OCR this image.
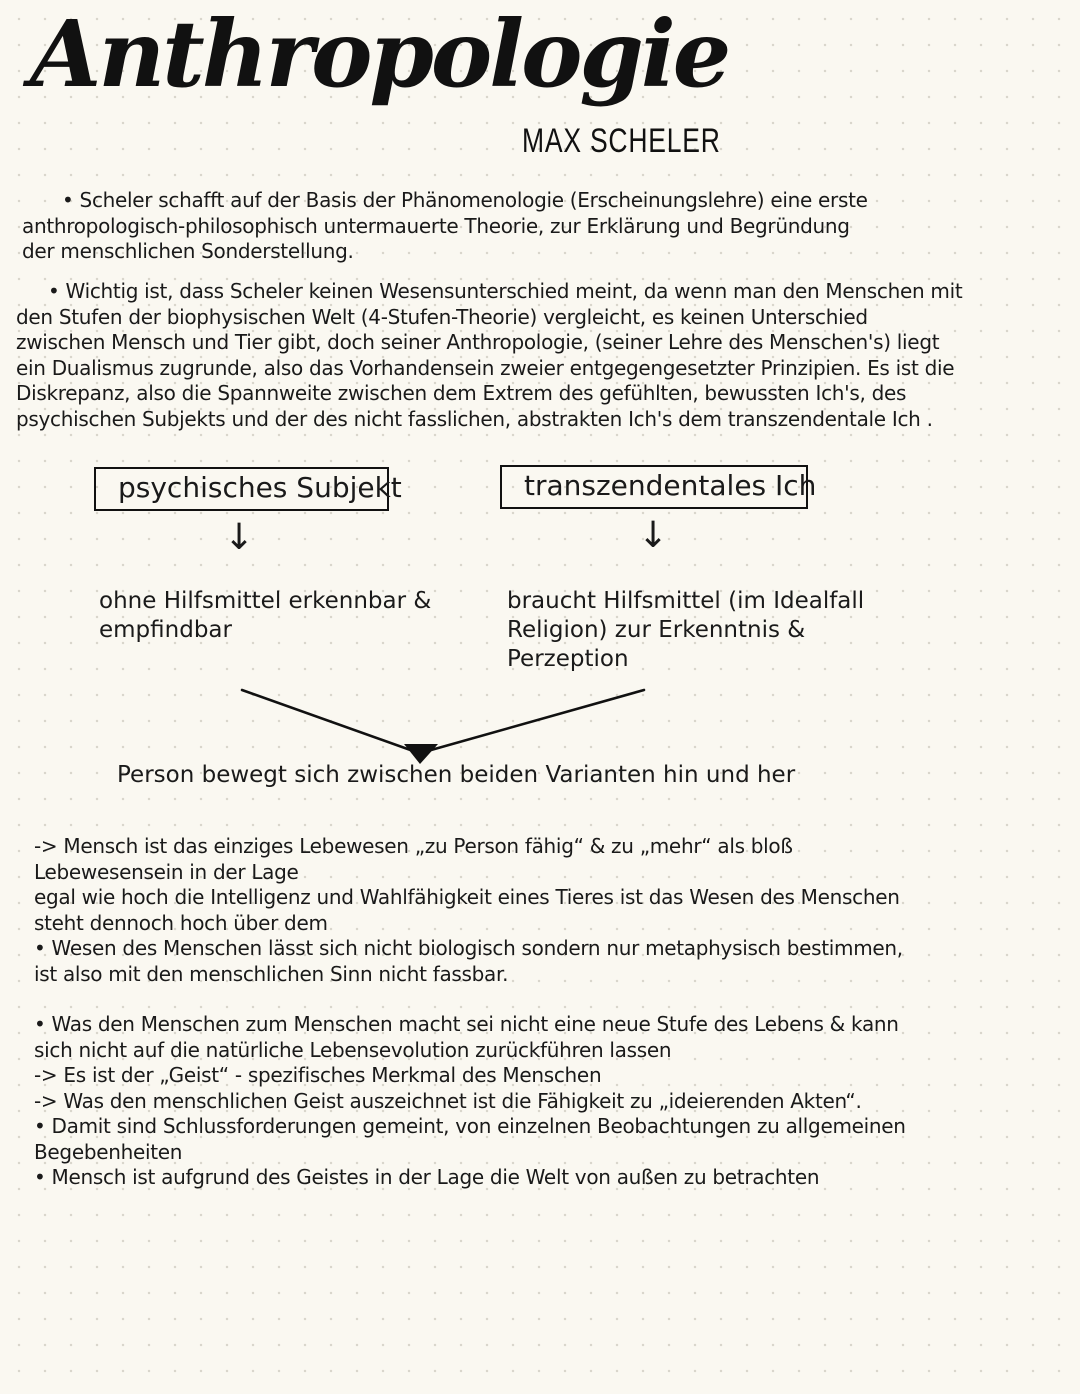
Anthropologie
MAX SCHELER
• Scheler schafft auf der Basis der Phänomenologie (Erscheinungslehre) eine erste
anthropologisch-philosophisch untermauerte Theorie, zur Erklärung und Begründung
der menschlichen Sonderstellung.
• Wichtig ist, dass Scheler keinen Wesensunterschied meint, da wenn man den Menschen mit
den Stufen der biophysischen Welt (4-Stufen-Theorie) vergleicht, es keinen Unterschied
zwischen Mensch und Tier gibt, doch seiner Anthropologie, (seiner Lehre des Menschen's) liegt
ein Dualismus zugrunde, also das Vorhandensein zweier entgegengesetzter Prinzipien. Es ist die
Diskrepanz, also die Spannweite zwischen dem Extrem des gefühlten, bewussten Ich's, des
psychischen Subjekts und der des nicht fasslichen, abstrakten Ich's dem transzendentale Ich .
psychisches Subjekt	transzendentales Ich
↓	↓
ohne Hilfsmittel erkennbar &
empfindbar
braucht Hilfsmittel (im Idealfall
Religion) zur Erkenntnis &
Perzeption
Person bewegt sich zwischen beiden Varianten hin und her
-> Mensch ist das einziges Lebewesen „zu Person fähig“ & zu „mehr“ als bloß
Lebewesensein in der Lage
egal wie hoch die Intelligenz und Wahlfähigkeit eines Tieres ist das Wesen des Menschen
steht dennoch hoch über dem
• Wesen des Menschen lässt sich nicht biologisch sondern nur metaphysisch bestimmen,
ist also mit den menschlichen Sinn nicht fassbar.
• Was den Menschen zum Menschen macht sei nicht eine neue Stufe des Lebens & kann
sich nicht auf die natürliche Lebensevolution zurückführen lassen
-> Es ist der „Geist“ - spezifisches Merkmal des Menschen
-> Was den menschlichen Geist auszeichnet ist die Fähigkeit zu „ideierenden Akten“.
• Damit sind Schlussforderungen gemeint, von einzelnen Beobachtungen zu allgemeinen
Begebenheiten
• Mensch ist aufgrund des Geistes in der Lage die Welt von außen zu betrachten
